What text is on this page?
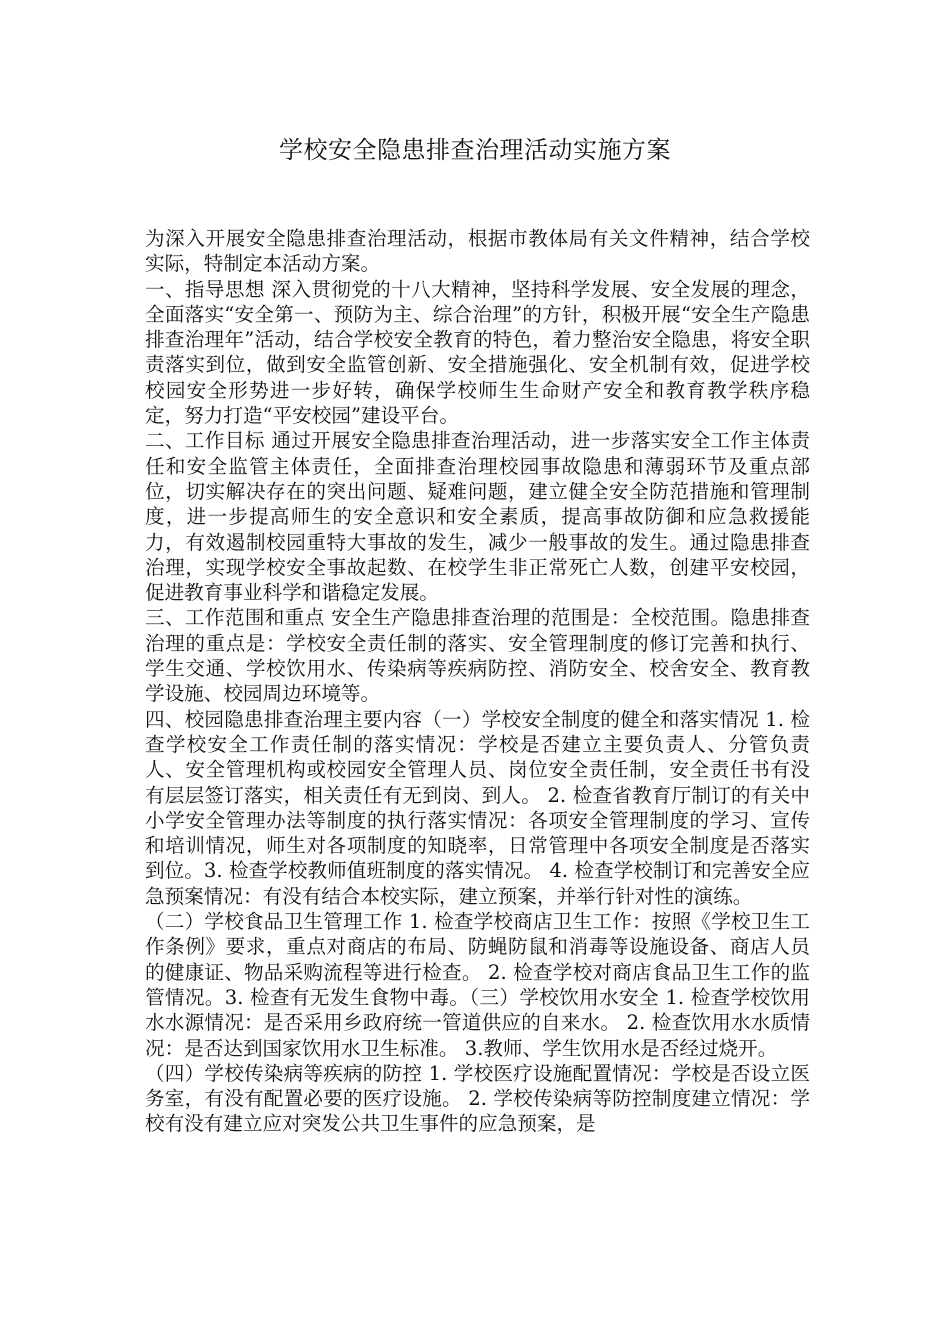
学校安全隐患排查治理活动实施方案

为深入开展安全隐患排查治理活动，根据市教体局有关文件精神，结合学校实际，特制定本活动方案。

一、指导思想 深入贯彻党的十八大精神，坚持科学发展、安全发展的理念，全面落实“安全第一、预防为主、综合治理”的方针，积极开展“安全生产隐患排查治理年”活动，结合学校安全教育的特色，着力整治安全隐患，将安全职责落实到位，做到安全监管创新、安全措施强化、安全机制有效，促进学校校园安全形势进一步好转，确保学校师生生命财产安全和教育教学秩序稳定，努力打造“平安校园”建设平台。

二、工作目标 通过开展安全隐患排查治理活动，进一步落实安全工作主体责任和安全监管主体责任，全面排查治理校园事故隐患和薄弱环节及重点部位，切实解决存在的突出问题、疑难问题，建立健全安全防范措施和管理制度，进一步提高师生的安全意识和安全素质，提高事故防御和应急救援能力，有效遏制校园重特大事故的发生，减少一般事故的发生。通过隐患排查治理，实现学校安全事故起数、在校学生非正常死亡人数，创建平安校园，促进教育事业科学和谐稳定发展。

三、工作范围和重点 安全生产隐患排查治理的范围是：全校范围。隐患排查治理的重点是：学校安全责任制的落实、安全管理制度的修订完善和执行、学生交通、学校饮用水、传染病等疾病防控、消防安全、校舍安全、教育教学设施、校园周边环境等。

四、校园隐患排查治理主要内容（一）学校安全制度的健全和落实情况 1. 检查学校安全工作责任制的落实情况：学校是否建立主要负责人、分管负责人、安全管理机构或校园安全管理人员、岗位安全责任制，安全责任书有没有层层签订落实，相关责任有无到岗、到人。 2. 检查省教育厅制订的有关中小学安全管理办法等制度的执行落实情况：各项安全管理制度的学习、宣传和培训情况，师生对各项制度的知晓率，日常管理中各项安全制度是否落实到位。3. 检查学校教师值班制度的落实情况。 4. 检查学校制订和完善安全应急预案情况：有没有结合本校实际，建立预案，并举行针对性的演练。

（二）学校食品卫生管理工作 1. 检查学校商店卫生工作：按照《学校卫生工作条例》要求，重点对商店的布局、防蝇防鼠和消毒等设施设备、商店人员的健康证、物品采购流程等进行检查。 2. 检查学校对商店食品卫生工作的监管情况。3. 检查有无发生食物中毒。（三）学校饮用水安全 1. 检查学校饮用水水源情况：是否采用乡政府统一管道供应的自来水。 2. 检查饮用水水质情况：是否达到国家饮用水卫生标准。 3.教师、学生饮用水是否经过烧开。

（四）学校传染病等疾病的防控 1. 学校医疗设施配置情况：学校是否设立医务室，有没有配置必要的医疗设施。 2. 学校传染病等防控制度建立情况：学校有没有建立应对突发公共卫生事件的应急预案，是
